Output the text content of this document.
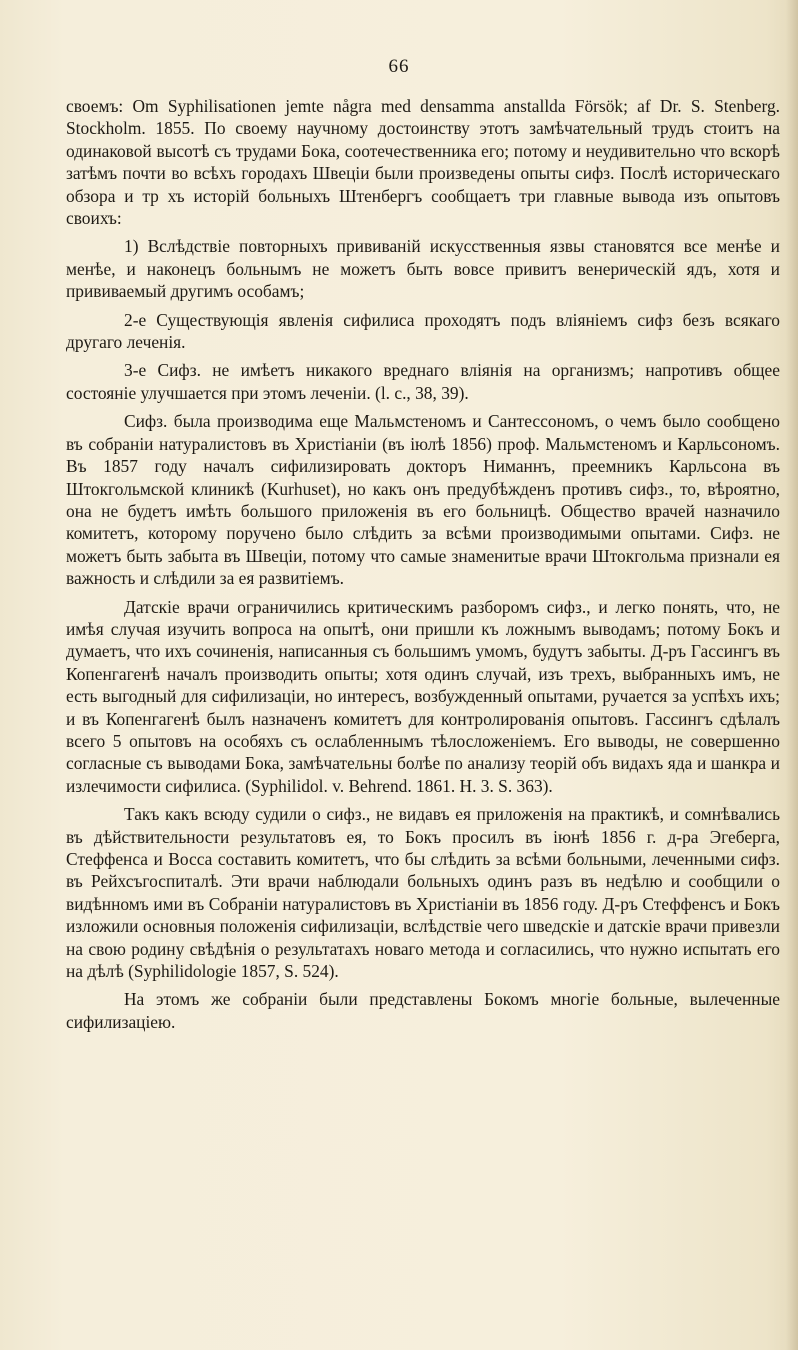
66

своемъ: Om Syphilisationen jemte några med densamma anstallda Försök; af Dr. S. Stenberg. Stockholm. 1855. По своему научному достоинству этотъ замѣчательный трудъ стоитъ на одинаковой высотѣ съ трудами Бока, соотечественника его; потому и неудивительно что вскорѣ затѣмъ почти во всѣхъ городахъ Швеціи были произведены опыты сифз. Послѣ историческаго обзора и тр хъ исторій больныхъ Штенбергъ сообщаетъ три главные вывода изъ опытовъ своихъ:

1) Вслѣдствіе повторныхъ прививаній искусственныя язвы становятся все менѣе и менѣе, и наконецъ больнымъ не можетъ быть вовсе привитъ венерическій ядъ, хотя и прививаемый другимъ особамъ;

2-е Существующія явленія сифилиса проходятъ подъ вліяніемъ сифз безъ всякаго другаго леченія.

3-е Сифз. не имѣетъ никакого вреднаго вліянія на организмъ; напротивъ общее состояніе улучшается при этомъ леченіи. (l. c., 38, 39).

Сифз. была производима еще Мальмстеномъ и Сантессономъ, о чемъ было сообщено въ собраніи натуралистовъ въ Христіаніи (въ іюлѣ 1856) проф. Мальмстеномъ и Карльсономъ. Въ 1857 году началъ сифилизировать докторъ Ниманнъ, преемникъ Карльсона въ Штокгольмской клиникѣ (Kurhuset), но какъ онъ предубѣжденъ противъ сифз., то, вѣроятно, она не будетъ имѣть большого приложенія въ его больницѣ. Общество врачей назначило комитетъ, которому поручено было слѣдить за всѣми производимыми опытами. Сифз. не можетъ быть забыта въ Швеціи, потому что самые знаменитые врачи Штокгольма признали ея важность и слѣдили за ея развитіемъ.

Датскіе врачи ограничились критическимъ разборомъ сифз., и легко понять, что, не имѣя случая изучить вопроса на опытѣ, они пришли къ ложнымъ выводамъ; потому Бокъ и думаетъ, что ихъ сочиненія, написанныя съ большимъ умомъ, будутъ забыты. Д-ръ Гассингъ въ Копенгагенѣ началъ производить опыты; хотя одинъ случай, изъ трехъ, выбранныхъ имъ, не есть выгодный для сифилизаціи, но интересъ, возбужденный опытами, ручается за успѣхъ ихъ; и въ Копенгагенѣ былъ назначенъ комитетъ для контролированія опытовъ. Гассингъ сдѣлалъ всего 5 опытовъ на особяхъ съ ослабленнымъ тѣлосложеніемъ. Его выводы, не совершенно согласные съ выводами Бока, замѣчательны болѣе по анализу теорій объ видахъ яда и шанкра и излечимости сифилиса. (Syphilidol. v. Behrend. 1861. H. 3. S. 363).

Такъ какъ всюду судили о сифз., не видавъ ея приложенія на практикѣ, и сомнѣвались въ дѣйствительности результатовъ ея, то Бокъ просилъ въ іюнѣ 1856 г. д-ра Эгеберга, Стеффенса и Восса составить комитетъ, что бы слѣдить за всѣми больными, леченными сифз. въ Рейхсъгоспиталѣ. Эти врачи наблюдали больныхъ одинъ разъ въ недѣлю и сообщили о видѣнномъ ими въ Собраніи натуралистовъ въ Христіаніи въ 1856 году. Д-ръ Стеффенсъ и Бокъ изложили основныя положенія сифилизаціи, вслѣдствіе чего шведскіе и датскіе врачи привезли на свою родину свѣдѣнія о результатахъ новаго метода и согласились, что нужно испытать его на дѣлѣ (Syphilidologie 1857, S. 524).

На этомъ же собраніи были представлены Бокомъ многіе больные, вылеченные сифилизаціею.
